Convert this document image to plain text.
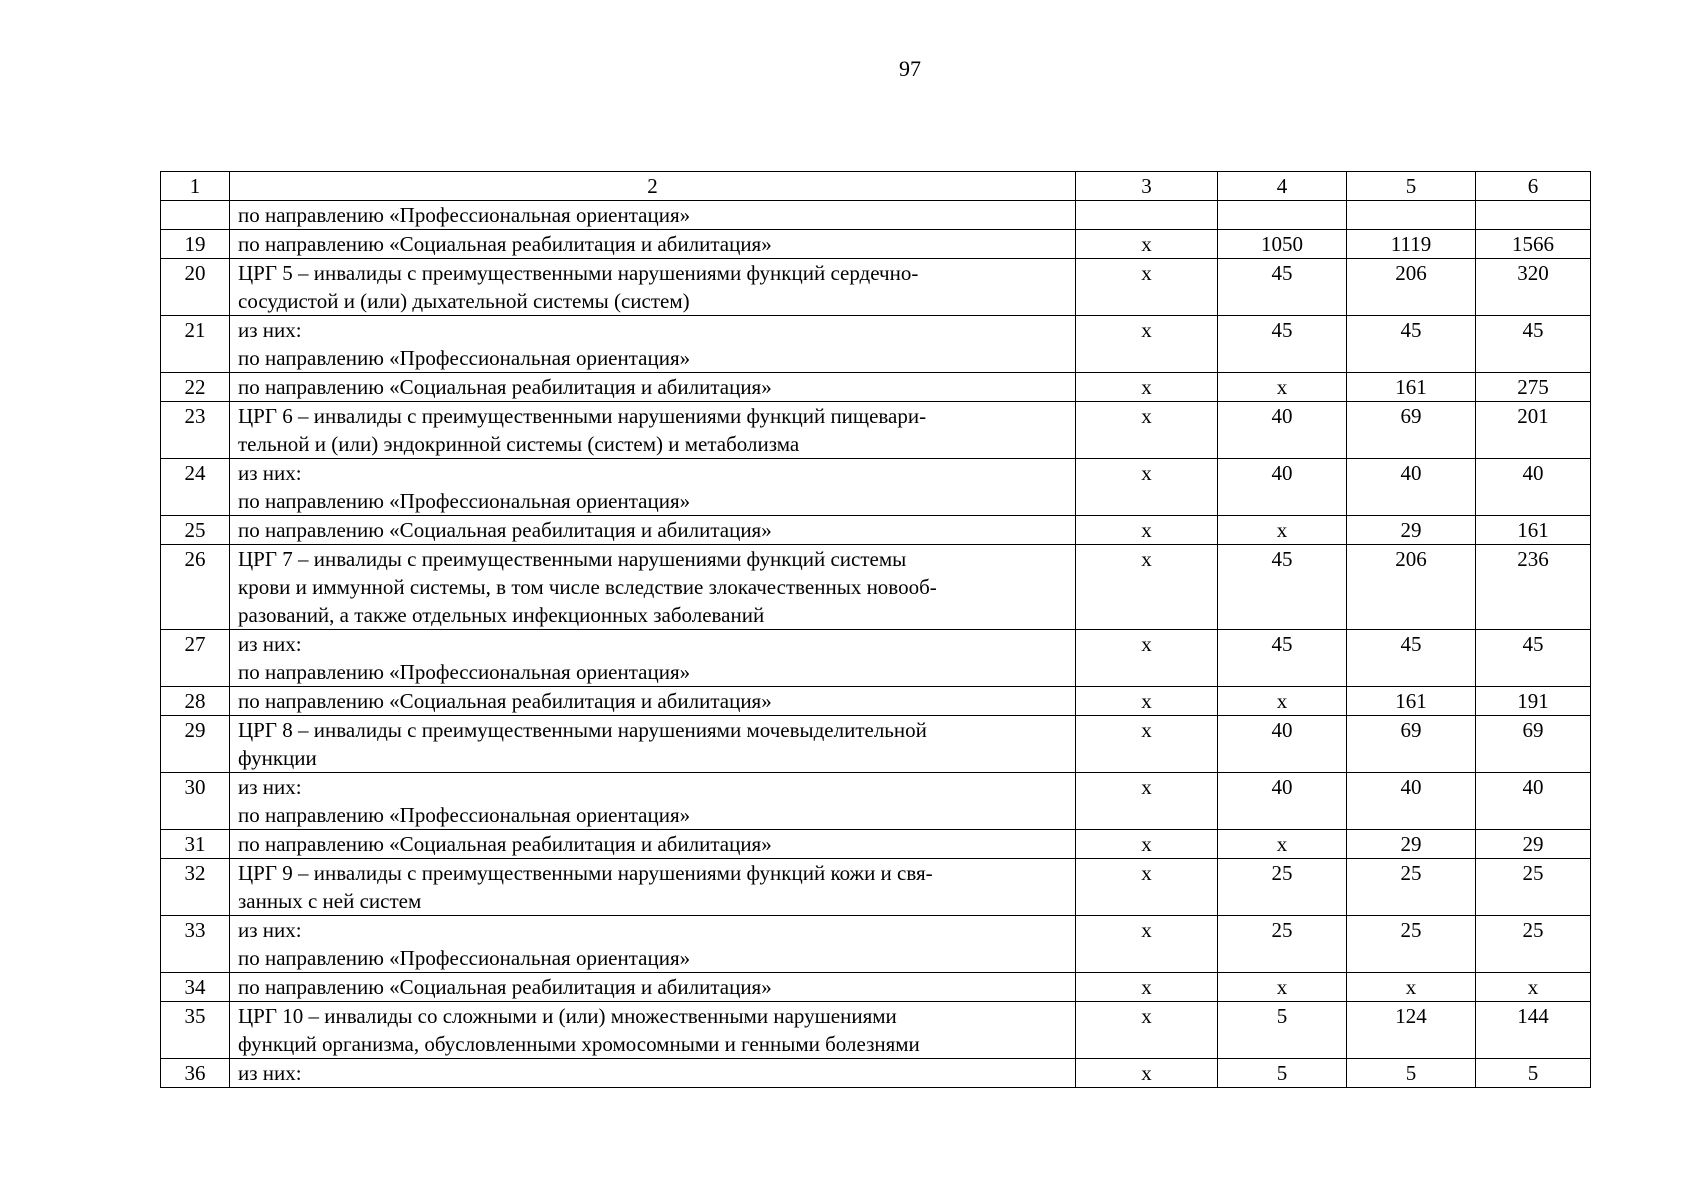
97
1	2	3	4	5	6
	по направлению «Профессиональная ориентация»				
19	по направлению «Социальная реабилитация и абилитация»	х	1050	1119	1566
20	ЦРГ 5 – инвалиды с преимущественными нарушениями функций сердечно-
сосудистой и (или) дыхательной системы (систем)	х	45	206	320
21	из них:
по направлению «Профессиональная ориентация»	х	45	45	45
22	по направлению «Социальная реабилитация и абилитация»	х	х	161	275
23	ЦРГ 6 – инвалиды с преимущественными нарушениями функций пищевари-
тельной и (или) эндокринной системы (систем) и метаболизма	х	40	69	201
24	из них:
по направлению «Профессиональная ориентация»	х	40	40	40
25	по направлению «Социальная реабилитация и абилитация»	х	х	29	161
26	ЦРГ 7 – инвалиды с преимущественными нарушениями функций системы
крови и иммунной системы, в том числе вследствие злокачественных новооб-
разований, а также отдельных инфекционных заболеваний	х	45	206	236
27	из них:
по направлению «Профессиональная ориентация»	х	45	45	45
28	по направлению «Социальная реабилитация и абилитация»	х	х	161	191
29	ЦРГ 8 – инвалиды с преимущественными нарушениями мочевыделительной
функции	х	40	69	69
30	из них:
по направлению «Профессиональная ориентация»	х	40	40	40
31	по направлению «Социальная реабилитация и абилитация»	х	х	29	29
32	ЦРГ 9 – инвалиды с преимущественными нарушениями функций кожи и свя-
занных с ней систем	х	25	25	25
33	из них:
по направлению «Профессиональная ориентация»	х	25	25	25
34	по направлению «Социальная реабилитация и абилитация»	х	х	х	х
35	ЦРГ 10 – инвалиды со сложными и (или) множественными нарушениями
функций организма, обусловленными хромосомными и генными болезнями	х	5	124	144
36	из них:	х	5	5	5
